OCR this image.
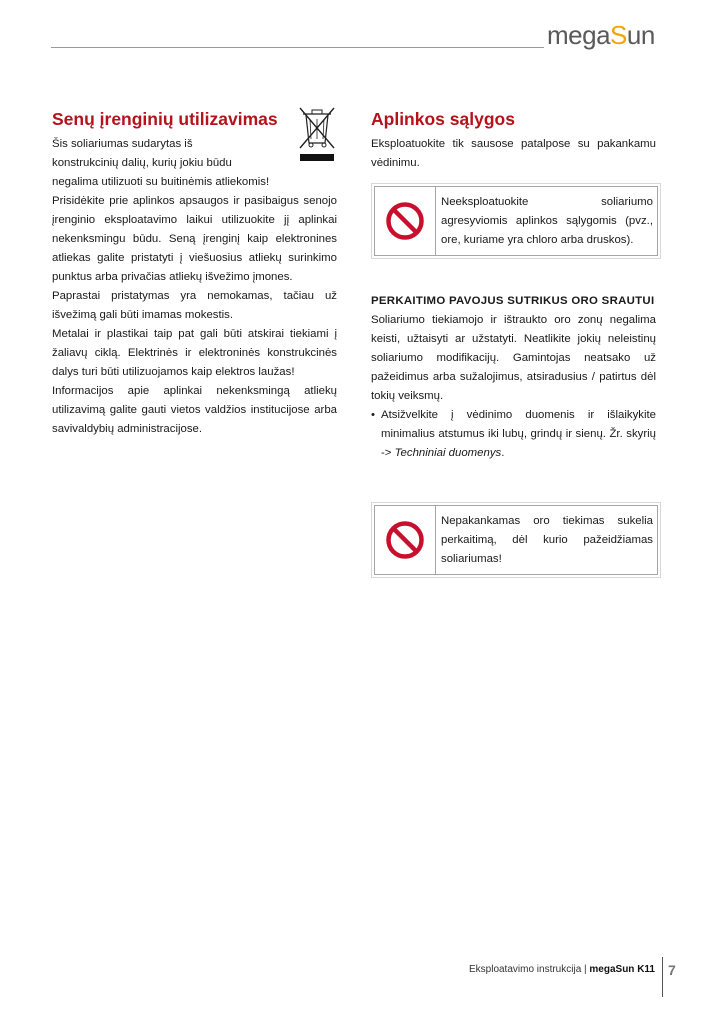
megaSun
Senų įrenginių utilizavimas

Šis soliariumas sudarytas iš

konstrukcinių dalių, kurių jokiu būdu

negalima utilizuoti su buitinėmis atliekomis!

Prisidėkite prie aplinkos apsaugos ir pasibaigus senojo įrenginio eksploatavimo laikui utilizuokite jį aplinkai nekenksmingu būdu. Seną įrenginį kaip elektronines atliekas galite pristatyti į viešuosius atliekų surinkimo punktus arba privačias atliekų išvežimo įmones.

Paprastai pristatymas yra nemokamas, tačiau už išvežimą gali būti imamas mokestis.

Metalai ir plastikai taip pat gali būti atskirai tiekiami į žaliavų ciklą. Elektrinės ir elektroninės konstrukcinės dalys turi būti utilizuojamos kaip elektros laužas!

Informacijos apie aplinkai nekenksmingą atliekų utilizavimą galite gauti vietos valdžios institucijose arba savivaldybių administracijose.

Aplinkos sąlygos

Eksploatuokite tik sausose patalpose su pakankamu vėdinimu.

Neeksploatuokite soliariumo agresyviomis aplinkos sąlygomis (pvz., ore, kuriame yra chloro arba druskos).
PERKAITIMO PAVOJUS SUTRIKUS ORO SRAUTUI

Soliariumo tiekiamojo ir ištraukto oro zonų negalima keisti, užtaisyti ar užstatyti. Neatlikite jokių neleistinų soliariumo modifikacijų. Gamintojas neatsako už pažeidimus arba sužalojimus, atsiradusius / patirtus dėl tokių veiksmų.

• Atsižvelkite į vėdinimo duomenis ir išlaikykite minimalius atstumus iki lubų, grindų ir sienų. Žr. skyrių -> Techniniai duomenys.
Nepakankamas oro tiekimas sukelia perkaitimą, dėl kurio pažeidžiamas soliariumas!
Eksploatavimo instrukcija | megaSun K11 7
